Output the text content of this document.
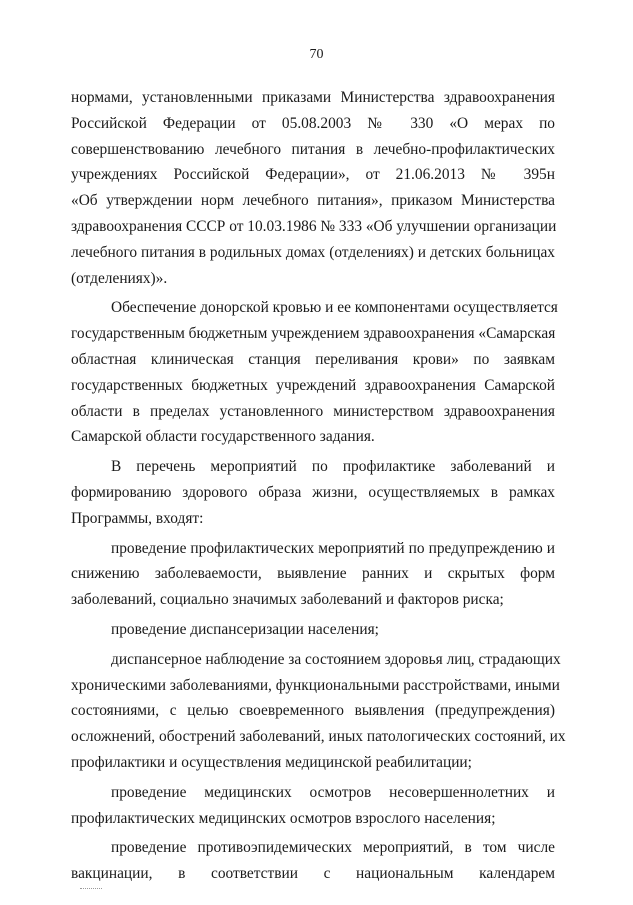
70
нормами, установленными приказами Министерства здравоохранения
Российской Федерации от 05.08.2003 № 330 «О мерах по
совершенствованию лечебного питания в лечебно-профилактических
учреждениях Российской Федерации», от 21.06.2013 № 395н
«Об утверждении норм лечебного питания», приказом Министерства
здравоохранения СССР от 10.03.1986 № 333 «Об улучшении организации
лечебного питания в родильных домах (отделениях) и детских больницах
(отделениях)».
Обеспечение донорской кровью и ее компонентами осуществляется
государственным бюджетным учреждением здравоохранения «Самарская
областная клиническая станция переливания крови» по заявкам
государственных бюджетных учреждений здравоохранения Самарской
области в пределах установленного министерством здравоохранения
Самарской области государственного задания.
В перечень мероприятий по профилактике заболеваний и
формированию здорового образа жизни, осуществляемых в рамках
Программы, входят:
проведение профилактических мероприятий по предупреждению и
снижению заболеваемости, выявление ранних и скрытых форм
заболеваний, социально значимых заболеваний и факторов риска;
проведение диспансеризации населения;
диспансерное наблюдение за состоянием здоровья лиц, страдающих
хроническими заболеваниями, функциональными расстройствами, иными
состояниями, с целью своевременного выявления (предупреждения)
осложнений, обострений заболеваний, иных патологических состояний, их
профилактики и осуществления медицинской реабилитации;
проведение медицинских осмотров несовершеннолетних и
профилактических медицинских осмотров взрослого населения;
проведение противоэпидемических мероприятий, в том числе
вакцинации, в соответствии с национальным календарем
